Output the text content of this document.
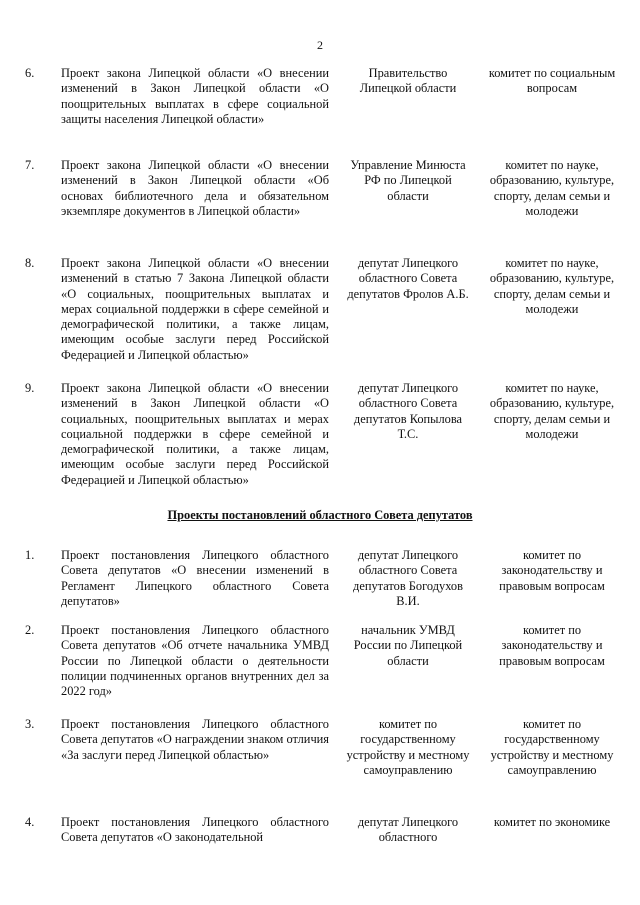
2
6. Проект закона Липецкой области «О внесении изменений в Закон Липецкой области «О поощрительных выплатах в сфере социальной защиты населения Липецкой области»
Правительство Липецкой области
комитет по социальным вопросам
7. Проект закона Липецкой области «О внесении изменений в Закон Липецкой области «Об основах библиотечного дела и обязательном экземпляре документов в Липецкой области»
Управление Минюста РФ по Липецкой области
комитет по науке, образованию, культуре, спорту, делам семьи и молодежи
8. Проект закона Липецкой области «О внесении изменений в статью 7 Закона Липецкой области «О социальных, поощрительных выплатах и мерах социальной поддержки в сфере семейной и демографической политики, а также лицам, имеющим особые заслуги перед Российской Федерацией и Липецкой областью»
депутат Липецкого областного Совета депутатов Фролов А.Б.
комитет по науке, образованию, культуре, спорту, делам семьи и молодежи
9. Проект закона Липецкой области «О внесении изменений в Закон Липецкой области «О социальных, поощрительных выплатах и мерах социальной поддержки в сфере семейной и демографической политики, а также лицам, имеющим особые заслуги перед Российской Федерацией и Липецкой областью»
депутат Липецкого областного Совета депутатов Копылова Т.С.
комитет по науке, образованию, культуре, спорту, делам семьи и молодежи
Проекты постановлений областного Совета депутатов
1. Проект постановления Липецкого областного Совета депутатов «О внесении изменений в Регламент Липецкого областного Совета депутатов»
депутат Липецкого областного Совета депутатов Богодухов В.И.
комитет по законодательству и правовым вопросам
2. Проект постановления Липецкого областного Совета депутатов «Об отчете начальника УМВД России по Липецкой области о деятельности полиции подчиненных органов внутренних дел за 2022 год»
начальник УМВД России по Липецкой области
комитет по законодательству и правовым вопросам
3. Проект постановления Липецкого областного Совета депутатов «О награждении знаком отличия «За заслуги перед Липецкой областью»
комитет по государственному устройству и местному самоуправлению
комитет по государственному устройству и местному самоуправлению
4. Проект постановления Липецкого областного Совета депутатов «О законодательной
депутат Липецкого областного
комитет по экономике
